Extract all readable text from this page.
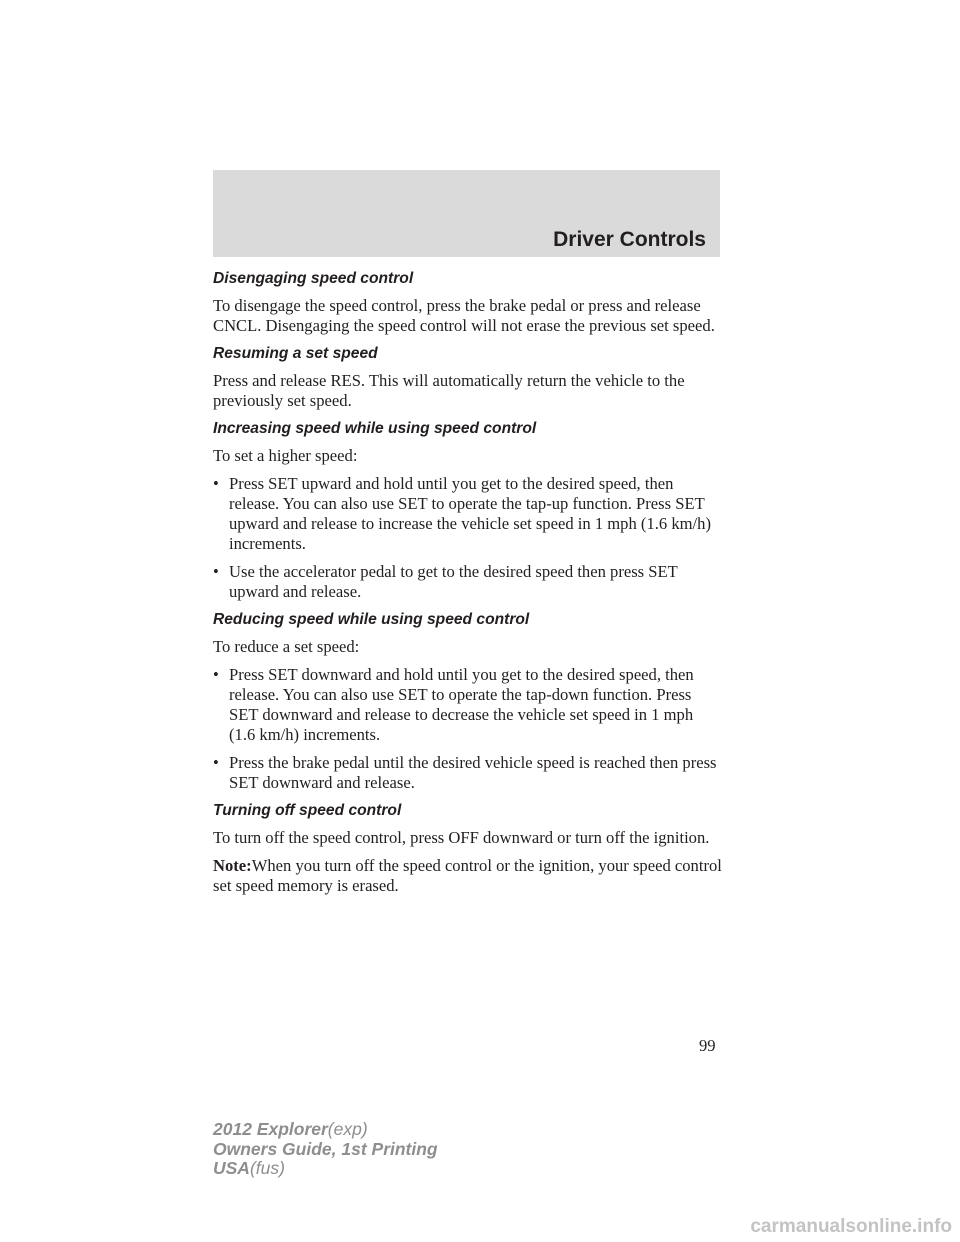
Driver Controls
Disengaging speed control
To disengage the speed control, press the brake pedal or press and release CNCL. Disengaging the speed control will not erase the previous set speed.
Resuming a set speed
Press and release RES. This will automatically return the vehicle to the previously set speed.
Increasing speed while using speed control
To set a higher speed:
• Press SET upward and hold until you get to the desired speed, then release. You can also use SET to operate the tap-up function. Press SET upward and release to increase the vehicle set speed in 1 mph (1.6 km/h) increments.
• Use the accelerator pedal to get to the desired speed then press SET upward and release.
Reducing speed while using speed control
To reduce a set speed:
• Press SET downward and hold until you get to the desired speed, then release. You can also use SET to operate the tap-down function. Press SET downward and release to decrease the vehicle set speed in 1 mph (1.6 km/h) increments.
• Press the brake pedal until the desired vehicle speed is reached then press SET downward and release.
Turning off speed control
To turn off the speed control, press OFF downward or turn off the ignition.
Note:When you turn off the speed control or the ignition, your speed control set speed memory is erased.
99
2012 Explorer(exp)
Owners Guide, 1st Printing
USA(fus)
carmanualsonline.info
